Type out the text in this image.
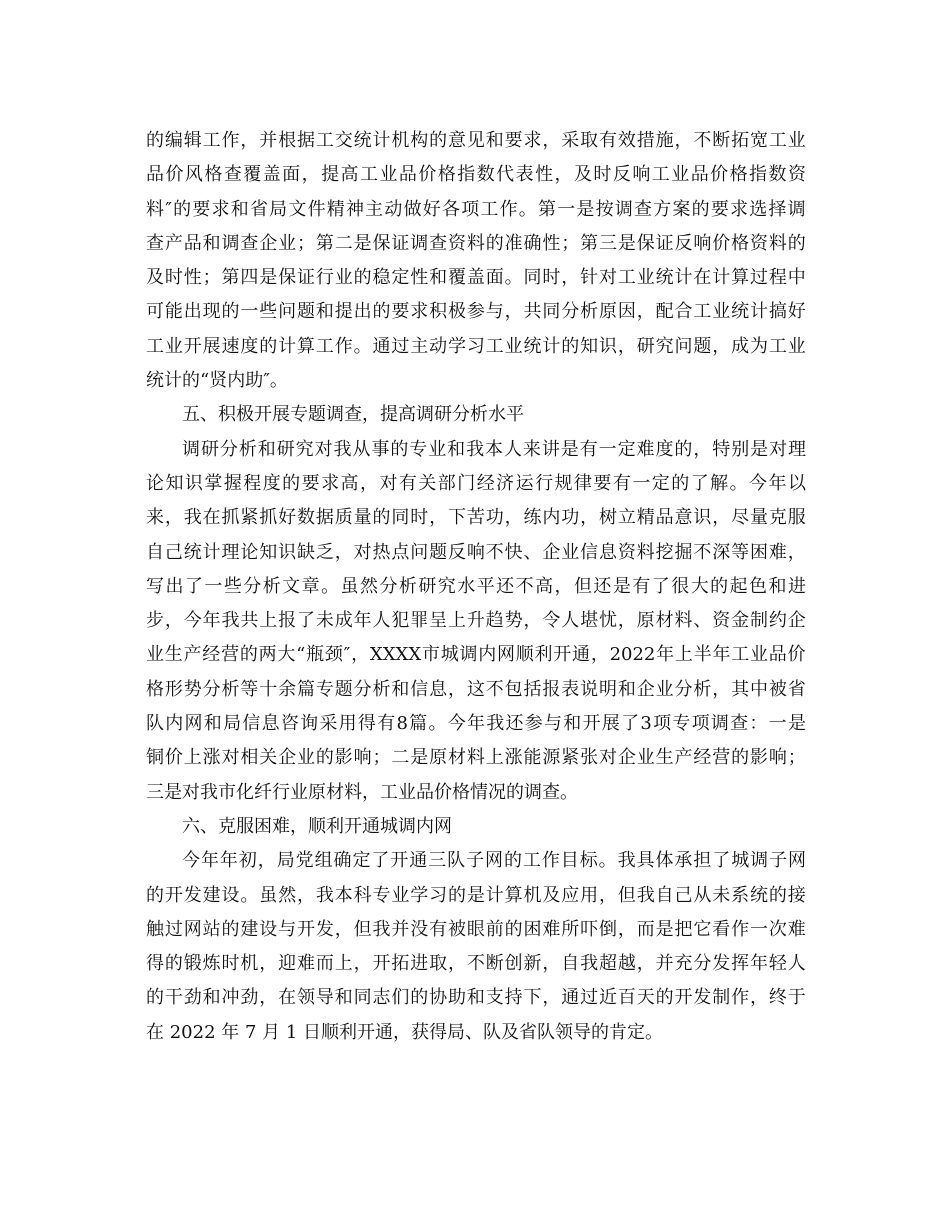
的 编 辑 工 作 ， 并 根 据 工 交 统 计 机 构 的 意 见 和 要 求 ， 采 取 有 效 措 施 ， 不 断 拓 宽 工 业
品 价 风 格 查 覆 盖 面 ， 提 高 工 业 品 价 格 指 数 代 表 性 ， 及 时 反 响 工 业 品 价 格 指 数 资
料 ″ 的 要 求 和 省 局 文 件 精 神 主 动 做 好 各 项 工 作 。 第 一 是 按 调 查 方 案 的 要 求 选 择 调
查 产 品 和 调 查 企 业 ； 第 二 是 保 证 调 查 资 料 的 准 确 性 ； 第 三 是 保 证 反 响 价 格 资 料 的
及 时 性 ； 第 四 是 保 证 行 业 的 稳 定 性 和 覆 盖 面 。 同 时 ， 针 对 工 业 统 计 在 计 算 过 程 中
可 能 出 现 的 一 些 问 题 和 提 出 的 要 求 积 极 参 与 ， 共 同 分 析 原 因 ， 配 合 工 业 统 计 搞 好
工 业 开 展 速 度 的 计 算 工 作 。 通 过 主 动 学 习 工 业 统 计 的 知 识 ， 研 究 问 题 ， 成 为 工 业
统计的“贤内助″。
五、积极开展专题调查，提高调研分析水平
调 研 分 析 和 研 究 对 我 从 事 的 专 业 和 我 本 人 来 讲 是 有 一 定 难 度 的 ， 特 别 是 对 理
论 知 识 掌 握 程 度 的 要 求 高 ， 对 有 关 部 门 经 济 运 行 规 律 要 有 一 定 的 了 解 。 今 年 以
来 ， 我 在 抓 紧 抓 好 数 据 质 量 的 同 时 ， 下 苦 功 ， 练 内 功 ， 树 立 精 品 意 识 ， 尽 量 克 服
自 己 统 计 理 论 知 识 缺 乏 ， 对 热 点 问 题 反 响 不 快 、 企 业 信 息 资 料 挖 掘 不 深 等 困 难 ，
写 出 了 一 些 分 析 文 章 。 虽 然 分 析 研 究 水 平 还 不 高 ， 但 还 是 有 了 很 大 的 起 色 和 进
步 ， 今 年 我 共 上 报 了 未 成 年 人 犯 罪 呈 上 升 趋 势 ， 令 人 堪 忧 ， 原 材 料 、 资 金 制 约 企
业 生 产 经 营 的 两 大 “ 瓶 颈 ″ ， XXXX 市 城 调 内 网 顺 利 开 通 ， 2022 年 上 半 年 工 业 品 价
格 形 势 分 析 等 十 余 篇 专 题 分 析 和 信 息 ， 这 不 包 括 报 表 说 明 和 企 业 分 析 ， 其 中 被 省
队 内 网 和 局 信 息 咨 询 采 用 得 有 8 篇 。 今 年 我 还 参 与 和 开 展 了 3 项 专 项 调 查 ： 一 是
铜 价 上 涨 对 相 关 企 业 的 影 响 ； 二 是 原 材 料 上 涨 能 源 紧 张 对 企 业 生 产 经 营 的 影 响 ；
三是对我市化纤行业原材料，工业品价格情况的调查。
六、克服困难，顺利开通城调内网
今 年 年 初 ， 局 党 组 确 定 了 开 通 三 队 子 网 的 工 作 目 标 。 我 具 体 承 担 了 城 调 子 网
的 开 发 建 设 。 虽 然 ， 我 本 科 专 业 学 习 的 是 计 算 机 及 应 用 ， 但 我 自 己 从 未 系 统 的 接
触 过 网 站 的 建 设 与 开 发 ， 但 我 并 没 有 被 眼 前 的 困 难 所 吓 倒 ， 而 是 把 它 看 作 一 次 难
得 的 锻 炼 时 机 ， 迎 难 而 上 ， 开 拓 进 取 ， 不 断 创 新 ， 自 我 超 越 ， 并 充 分 发 挥 年 轻 人
的 干 劲 和 冲 劲 ， 在 领 导 和 同 志 们 的 协 助 和 支 持 下 ， 通 过 近 百 天 的 开 发 制 作 ， 终 于
在 2022 年 7 月 1 日顺利开通，获得局、队及省队领导的肯定。
